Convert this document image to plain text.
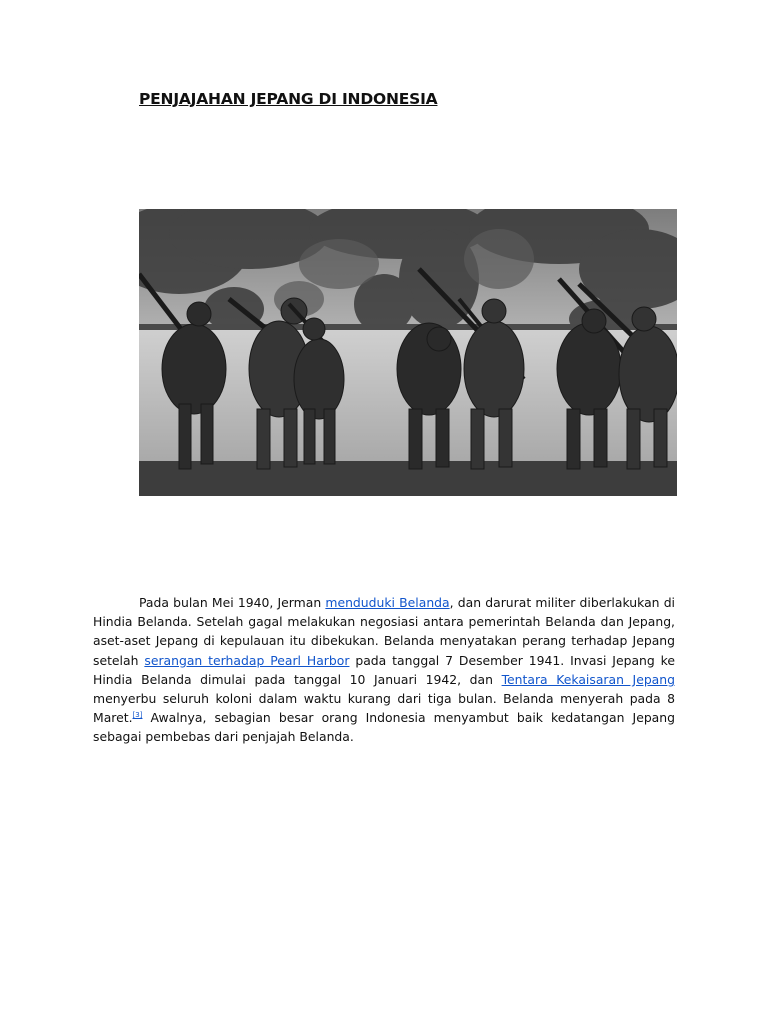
PENJAJAHAN JEPANG DI INDONESIA

Pada bulan Mei 1940, Jerman menduduki Belanda, dan darurat militer diberlakukan di Hindia Belanda. Setelah gagal melakukan negosiasi antara pemerintah Belanda dan Jepang, aset-aset Jepang di kepulauan itu dibekukan. Belanda menyatakan perang terhadap Jepang setelah serangan terhadap Pearl Harbor pada tanggal 7 Desember 1941. Invasi Jepang ke Hindia Belanda dimulai pada tanggal 10 Januari 1942, dan Tentara Kekaisaran Jepang menyerbu seluruh koloni dalam waktu kurang dari tiga bulan. Belanda menyerah pada 8 Maret.[3] Awalnya, sebagian besar orang Indonesia menyambut baik kedatangan Jepang sebagai pembebas dari penjajah Belanda.
